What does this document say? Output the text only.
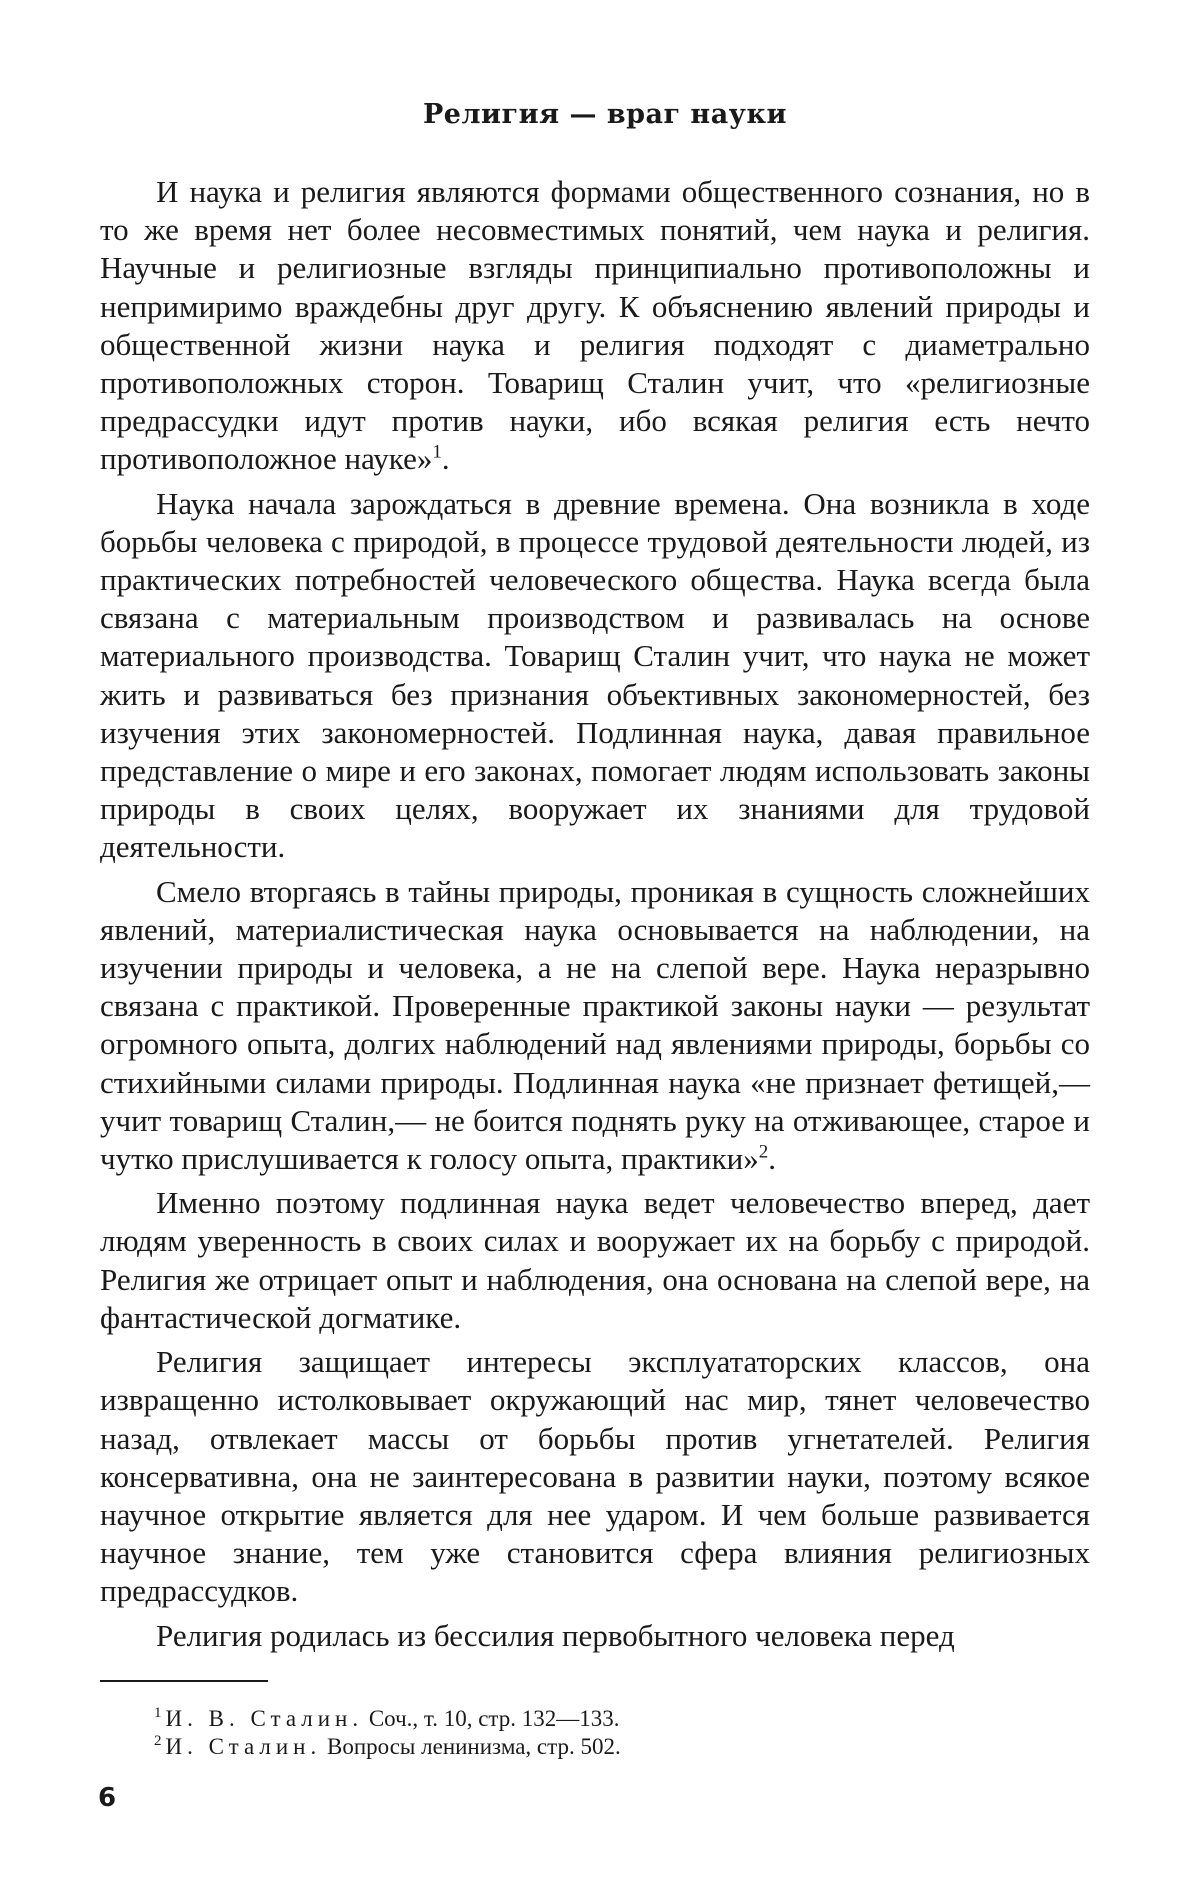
Религия — враг науки

И наука и религия являются формами общественного сознания, но в то же время нет более несовместимых понятий, чем наука и религия. Научные и религиозные взгляды принципиально противоположны и непримиримо враждебны друг другу. К объяснению явлений природы и общественной жизни наука и религия подходят с диаметрально противоположных сторон. Товарищ Сталин учит, что «религиозные предрассудки идут против науки, ибо всякая религия есть нечто противоположное науке»$^1$.

Наука начала зарождаться в древние времена. Она возникла в ходе борьбы человека с природой, в процессе трудовой деятельности людей, из практических потребностей человеческого общества. Наука всегда была связана с материальным производством и развивалась на основе материального производства. Товарищ Сталин учит, что наука не может жить и развиваться без признания объективных закономерностей, без изучения этих закономерностей. Подлинная наука, давая правильное представление о мире и его законах, помогает людям использовать законы природы в своих целях, вооружает их знаниями для трудовой деятельности.

Смело вторгаясь в тайны природы, проникая в сущность сложнейших явлений, материалистическая наука основывается на наблюдении, на изучении природы и человека, а не на слепой вере. Наука неразрывно связана с практикой. Проверенные практикой законы науки — результат огромного опыта, долгих наблюдений над явлениями природы, борьбы со стихийными силами природы. Подлинная наука «не признает фетищей,— учит товарищ Сталин,— не боится поднять руку на отживающее, старое и чутко прислушивается к голосу опыта, практики»$^2$.

Именно поэтому подлинная наука ведет человечество вперед, дает людям уверенность в своих силах и вооружает их на борьбу с природой. Религия же отрицает опыт и наблюдения, она основана на слепой вере, на фантастической догматике.

Религия защищает интересы эксплуататорских классов, она извращенно истолковывает окружающий нас мир, тянет человечество назад, отвлекает массы от борьбы против угнетателей. Религия консервативна, она не заинтересована в развитии науки, поэтому всякое научное открытие является для нее ударом. И чем больше развивается научное знание, тем уже становится сфера влияния религиозных предрассудков.

Религия родилась из бессилия первобытного человека перед

$^1$ И. В. Сталин. Соч., т. 10, стр. 132—133.

$^2$ И. Сталин. Вопросы ленинизма, стр. 502.

6
